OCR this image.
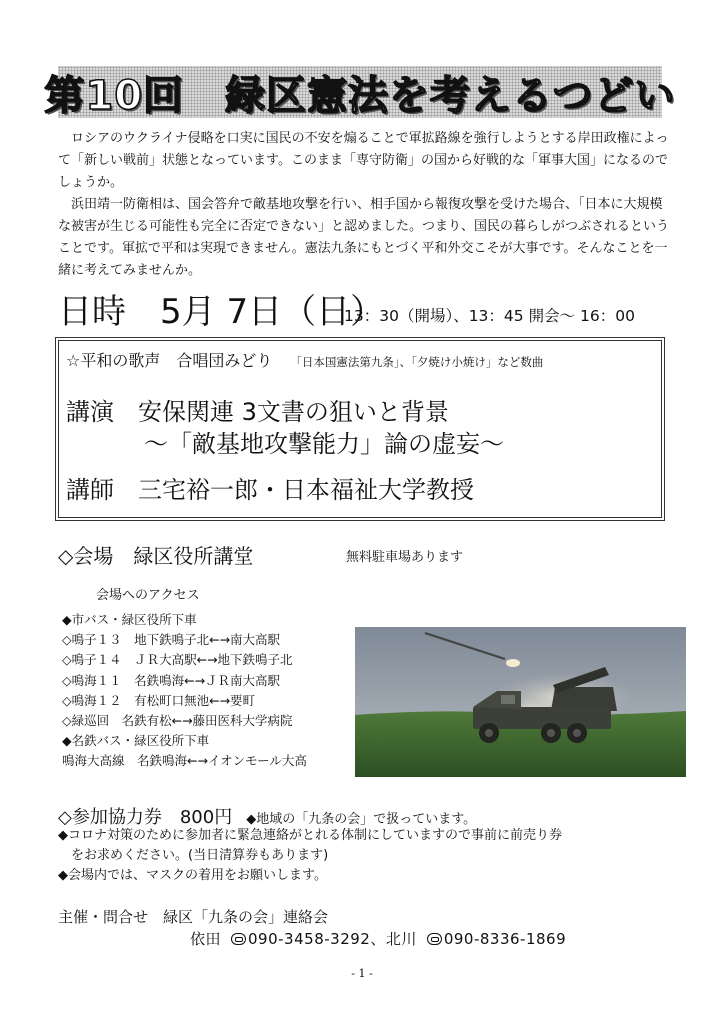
第10回　緑区憲法を考えるつどい

ロシアのウクライナ侵略を口実に国民の不安を煽ることで軍拡路線を強行しようとする岸田政権によって「新しい戦前」状態となっています。このまま「専守防衛」の国から好戦的な「軍事大国」になるのでしょうか。

浜田靖一防衛相は、国会答弁で敵基地攻撃を行い、相手国から報復攻撃を受けた場合、「日本に大規模な被害が生じる可能性も完全に否定できない」と認めました。つまり、国民の暮らしがつぶされるということです。軍拡で平和は実現できません。憲法九条にもとづく平和外交こそが大事です。そんなことを一緒に考えてみませんか。

日時　5月 7日（日）
13：30（開場）、13：45 開会～ 16：00
☆平和の歌声　合唱団みどり 「日本国憲法第九条」、「夕焼け小焼け」など数曲
講演　安保関連 3文書の狙いと背景
～「敵基地攻撃能力」論の虚妄～
講師　三宅裕一郎・日本福祉大学教授
◇会場　緑区役所講堂	無料駐車場あります
会場へのアクセス
◆市バス・緑区役所下車
◇鳴子１３　地下鉄鳴子北←→南大高駅
◇鳴子１４　ＪＲ大高駅←→地下鉄鳴子北
◇鳴海１１　名鉄鳴海←→ＪＲ南大高駅
◇鳴海１２　有松町口無池←→要町
◇緑巡回　名鉄有松←→藤田医科大学病院
◆名鉄バス・緑区役所下車
鳴海大高線　名鉄鳴海←→イオンモール大高
◇参加協力券　800円 ◆地域の「九条の会」で扱っています。
◆コロナ対策のために参加者に緊急連絡がとれる体制にしていますので事前に前売り券
をお求めください。(当日清算券もあります)
◆会場内では、マスクの着用をお願いします。
主催・問合せ　緑区「九条の会」連絡会
依田 090-3458-3292、北川 090-8336-1869
- 1 -
